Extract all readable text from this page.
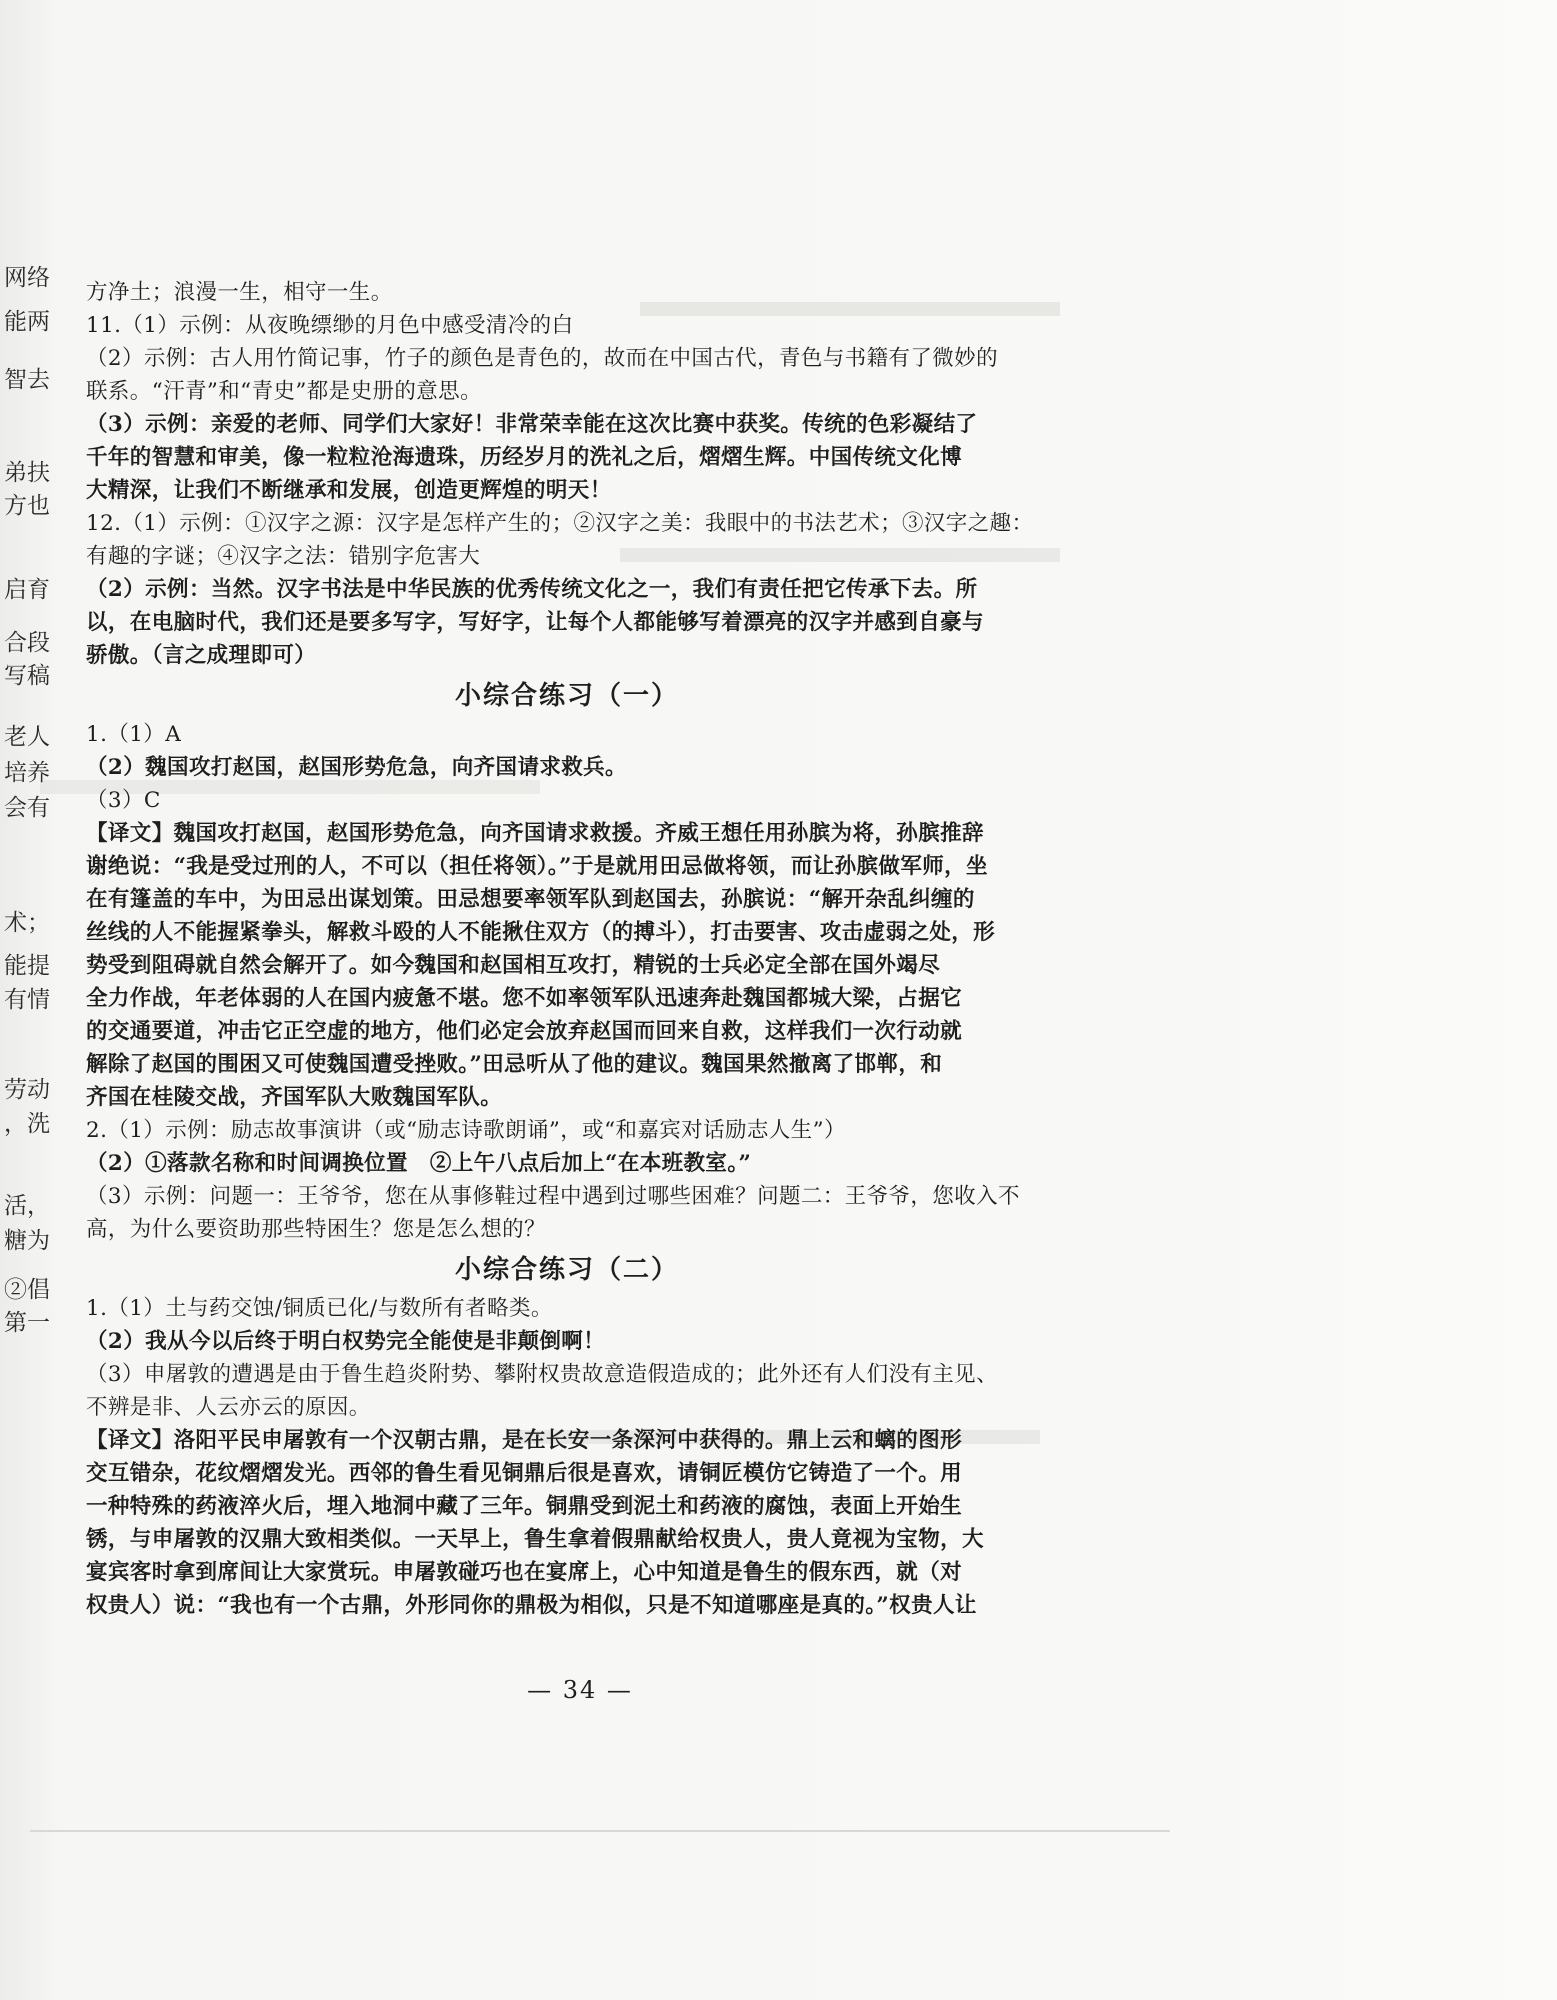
网络
能两
智去
弟扶
方也
启育
合段
写稿
老人
培养
会有
术；
能提
有情
劳动
，洗
活，
糖为
②倡
第一

方净土；浪漫一生，相守一生。

11.（1）示例：从夜晚缥缈的月色中感受清冷的白

（2）示例：古人用竹简记事，竹子的颜色是青色的，故而在中国古代，青色与书籍有了微妙的

联系。“汗青”和“青史”都是史册的意思。

（3）示例：亲爱的老师、同学们大家好！非常荣幸能在这次比赛中获奖。传统的色彩凝结了

千年的智慧和审美，像一粒粒沧海遗珠，历经岁月的洗礼之后，熠熠生辉。中国传统文化博

大精深，让我们不断继承和发展，创造更辉煌的明天！

12.（1）示例：①汉字之源：汉字是怎样产生的；②汉字之美：我眼中的书法艺术；③汉字之趣：

有趣的字谜；④汉字之法：错别字危害大

（2）示例：当然。汉字书法是中华民族的优秀传统文化之一，我们有责任把它传承下去。所

以，在电脑时代，我们还是要多写字，写好字，让每个人都能够写着漂亮的汉字并感到自豪与

骄傲。（言之成理即可）

小综合练习（一）

1.（1）A

（2）魏国攻打赵国，赵国形势危急，向齐国请求救兵。

（3）C

【译文】魏国攻打赵国，赵国形势危急，向齐国请求救援。齐威王想任用孙膑为将，孙膑推辞

谢绝说：“我是受过刑的人，不可以（担任将领）。”于是就用田忌做将领，而让孙膑做军师，坐

在有篷盖的车中，为田忌出谋划策。田忌想要率领军队到赵国去，孙膑说：“解开杂乱纠缠的

丝线的人不能握紧拳头，解救斗殴的人不能揪住双方（的搏斗），打击要害、攻击虚弱之处，形

势受到阻碍就自然会解开了。如今魏国和赵国相互攻打，精锐的士兵必定全部在国外竭尽

全力作战，年老体弱的人在国内疲惫不堪。您不如率领军队迅速奔赴魏国都城大梁，占据它

的交通要道，冲击它正空虚的地方，他们必定会放弃赵国而回来自救，这样我们一次行动就

解除了赵国的围困又可使魏国遭受挫败。”田忌听从了他的建议。魏国果然撤离了邯郸，和

齐国在桂陵交战，齐国军队大败魏国军队。

2.（1）示例：励志故事演讲（或“励志诗歌朗诵”，或“和嘉宾对话励志人生”）

（2）①落款名称和时间调换位置　②上午八点后加上“在本班教室。”

（3）示例：问题一：王爷爷，您在从事修鞋过程中遇到过哪些困难？问题二：王爷爷，您收入不

高，为什么要资助那些特困生？您是怎么想的？

小综合练习（二）

1.（1）土与药交蚀/铜质已化/与数所有者略类。

（2）我从今以后终于明白权势完全能使是非颠倒啊！

（3）申屠敦的遭遇是由于鲁生趋炎附势、攀附权贵故意造假造成的；此外还有人们没有主见、

不辨是非、人云亦云的原因。

【译文】洛阳平民申屠敦有一个汉朝古鼎，是在长安一条深河中获得的。鼎上云和螭的图形

交互错杂，花纹熠熠发光。西邻的鲁生看见铜鼎后很是喜欢，请铜匠模仿它铸造了一个。用

一种特殊的药液淬火后，埋入地洞中藏了三年。铜鼎受到泥土和药液的腐蚀，表面上开始生

锈，与申屠敦的汉鼎大致相类似。一天早上，鲁生拿着假鼎献给权贵人，贵人竟视为宝物，大

宴宾客时拿到席间让大家赏玩。申屠敦碰巧也在宴席上，心中知道是鲁生的假东西，就（对

权贵人）说：“我也有一个古鼎，外形同你的鼎极为相似，只是不知道哪座是真的。”权贵人让

— 34 —
